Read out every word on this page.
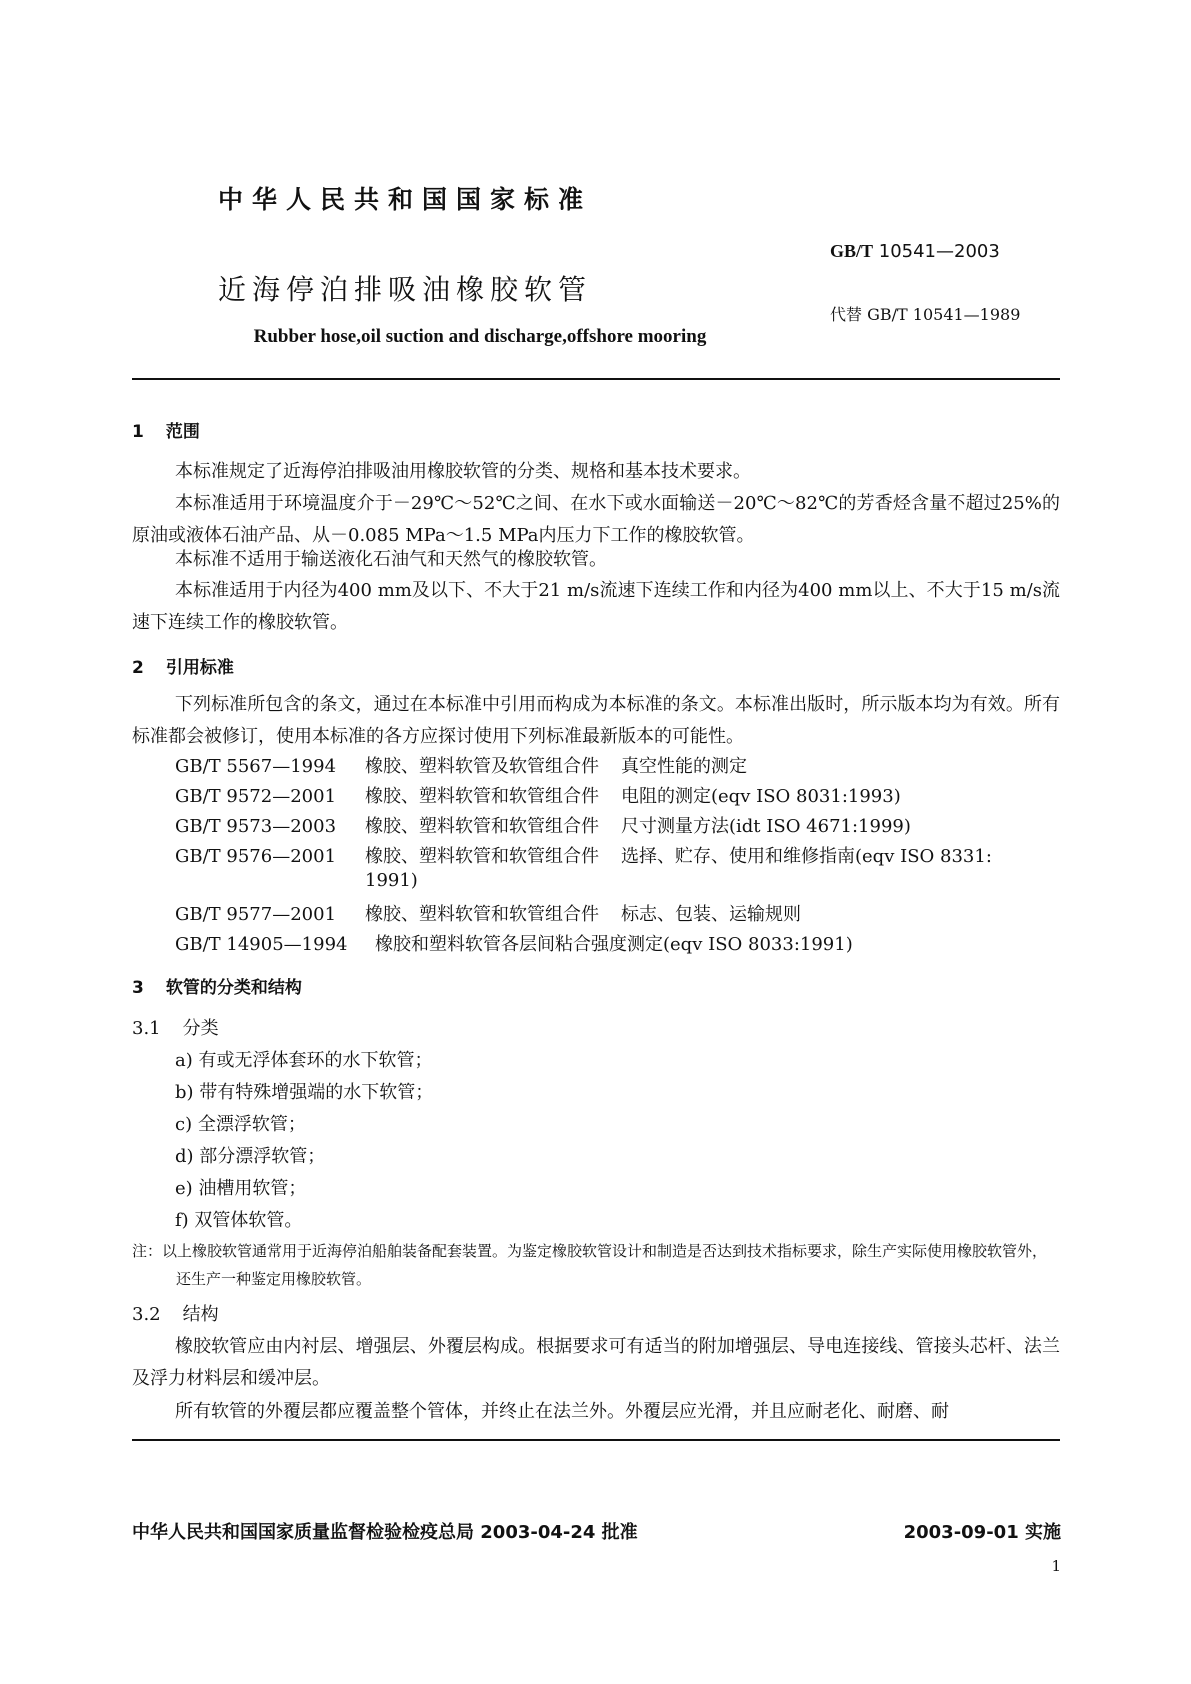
中华人民共和国国家标准
GB/T 10541—2003
近海停泊排吸油橡胶软管
代替 GB/T 10541—1989
Rubber hose,oil suction and discharge,offshore mooring
1 范围
本标准规定了近海停泊排吸油用橡胶软管的分类、规格和基本技术要求。
本标准适用于环境温度介于－29℃～52℃之间、在水下或水面输送－20℃～82℃的芳香烃含量不超过25%的原油或液体石油产品、从－0.085 MPa～1.5 MPa内压力下工作的橡胶软管。
本标准不适用于输送液化石油气和天然气的橡胶软管。
本标准适用于内径为400 mm及以下、不大于21 m/s流速下连续工作和内径为400 mm以上、不大于15 m/s流速下连续工作的橡胶软管。
2 引用标准
下列标准所包含的条文，通过在本标准中引用而构成为本标准的条文。本标准出版时，所示版本均为有效。所有标准都会被修订，使用本标准的各方应探讨使用下列标准最新版本的可能性。
GB/T 5567—1994 橡胶、塑料软管及软管组合件 真空性能的测定
GB/T 9572—2001 橡胶、塑料软管和软管组合件 电阻的测定(eqv ISO 8031:1993)
GB/T 9573—2003 橡胶、塑料软管和软管组合件 尺寸测量方法(idt ISO 4671:1999)
GB/T 9576—2001 橡胶、塑料软管和软管组合件 选择、贮存、使用和维修指南(eqv ISO 8331:
1991)
GB/T 9577—2001 橡胶、塑料软管和软管组合件 标志、包装、运输规则
GB/T 14905—1994 橡胶和塑料软管各层间粘合强度测定(eqv ISO 8033:1991)
3 软管的分类和结构
3.1 分类
a) 有或无浮体套环的水下软管；
b) 带有特殊增强端的水下软管；
c) 全漂浮软管；
d) 部分漂浮软管；
e) 油槽用软管；
f) 双管体软管。
注：以上橡胶软管通常用于近海停泊船舶装备配套装置。为鉴定橡胶软管设计和制造是否达到技术指标要求，除生产实际使用橡胶软管外，还生产一种鉴定用橡胶软管。
3.2 结构
橡胶软管应由内衬层、增强层、外覆层构成。根据要求可有适当的附加增强层、导电连接线、管接头芯杆、法兰及浮力材料层和缓冲层。
所有软管的外覆层都应覆盖整个管体，并终止在法兰外。外覆层应光滑，并且应耐老化、耐磨、耐
中华人民共和国国家质量监督检验检疫总局 2003-04-24 批准	2003-09-01 实施
1
